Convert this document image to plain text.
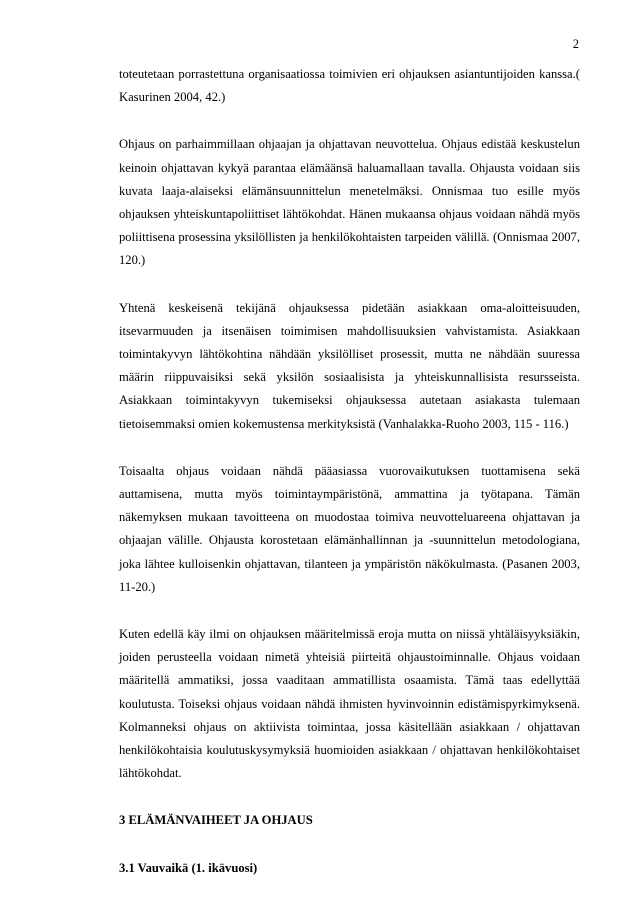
2

toteutetaan porrastettuna organisaatiossa toimivien eri ohjauksen asiantuntijoiden kanssa.( Kasurinen 2004, 42.)

Ohjaus on parhaimmillaan ohjaajan ja ohjattavan neuvottelua. Ohjaus edistää keskustelun keinoin ohjattavan kykyä parantaa elämäänsä haluamallaan tavalla. Ohjausta voidaan siis kuvata laaja-alaiseksi elämänsuunnittelun menetelmäksi. Onnismaa tuo esille myös ohjauksen yhteiskuntapoliittiset lähtökohdat. Hänen mukaansa ohjaus voidaan nähdä myös poliittisena prosessina yksilöllisten ja henkilökohtaisten tarpeiden välillä. (Onnismaa 2007, 120.)

Yhtenä keskeisenä tekijänä ohjauksessa pidetään asiakkaan oma-aloitteisuuden, itsevarmuuden ja itsenäisen toimimisen mahdollisuuksien vahvistamista. Asiakkaan toimintakyvyn lähtökohtina nähdään yksilölliset prosessit, mutta ne nähdään suuressa määrin riippuvaisiksi sekä yksilön sosiaalisista ja yhteiskunnallisista resursseista. Asiakkaan toimintakyvyn tukemiseksi ohjauksessa autetaan asiakasta tulemaan tietoisemmaksi omien kokemustensa merkityksistä (Vanhalakka-Ruoho 2003, 115 - 116.)

Toisaalta ohjaus voidaan nähdä pääasiassa vuorovaikutuksen tuottamisena sekä auttamisena, mutta myös toimintaympäristönä, ammattina ja työtapana. Tämän näkemyksen mukaan tavoitteena on muodostaa toimiva neuvotteluareena ohjattavan ja ohjaajan välille. Ohjausta korostetaan elämänhallinnan ja -suunnittelun metodologiana, joka lähtee kulloisenkin ohjattavan, tilanteen ja ympäristön näkökulmasta. (Pasanen 2003, 11-20.)

Kuten edellä käy ilmi on ohjauksen määritelmissä eroja mutta on niissä yhtäläisyyksiäkin, joiden perusteella voidaan nimetä yhteisiä piirteitä ohjaustoiminnalle. Ohjaus voidaan määritellä ammatiksi, jossa vaaditaan ammatillista osaamista. Tämä taas edellyttää koulutusta. Toiseksi ohjaus voidaan nähdä ihmisten hyvinvoinnin edistämispyrkimyksenä. Kolmanneksi ohjaus on aktiivista toimintaa, jossa käsitellään asiakkaan / ohjattavan henkilökohtaisia koulutuskysymyksiä huomioiden asiakkaan / ohjattavan henkilökohtaiset lähtökohdat.

3 ELÄMÄNVAIHEET JA OHJAUS
3.1 Vauvaikä (1. ikävuosi)
